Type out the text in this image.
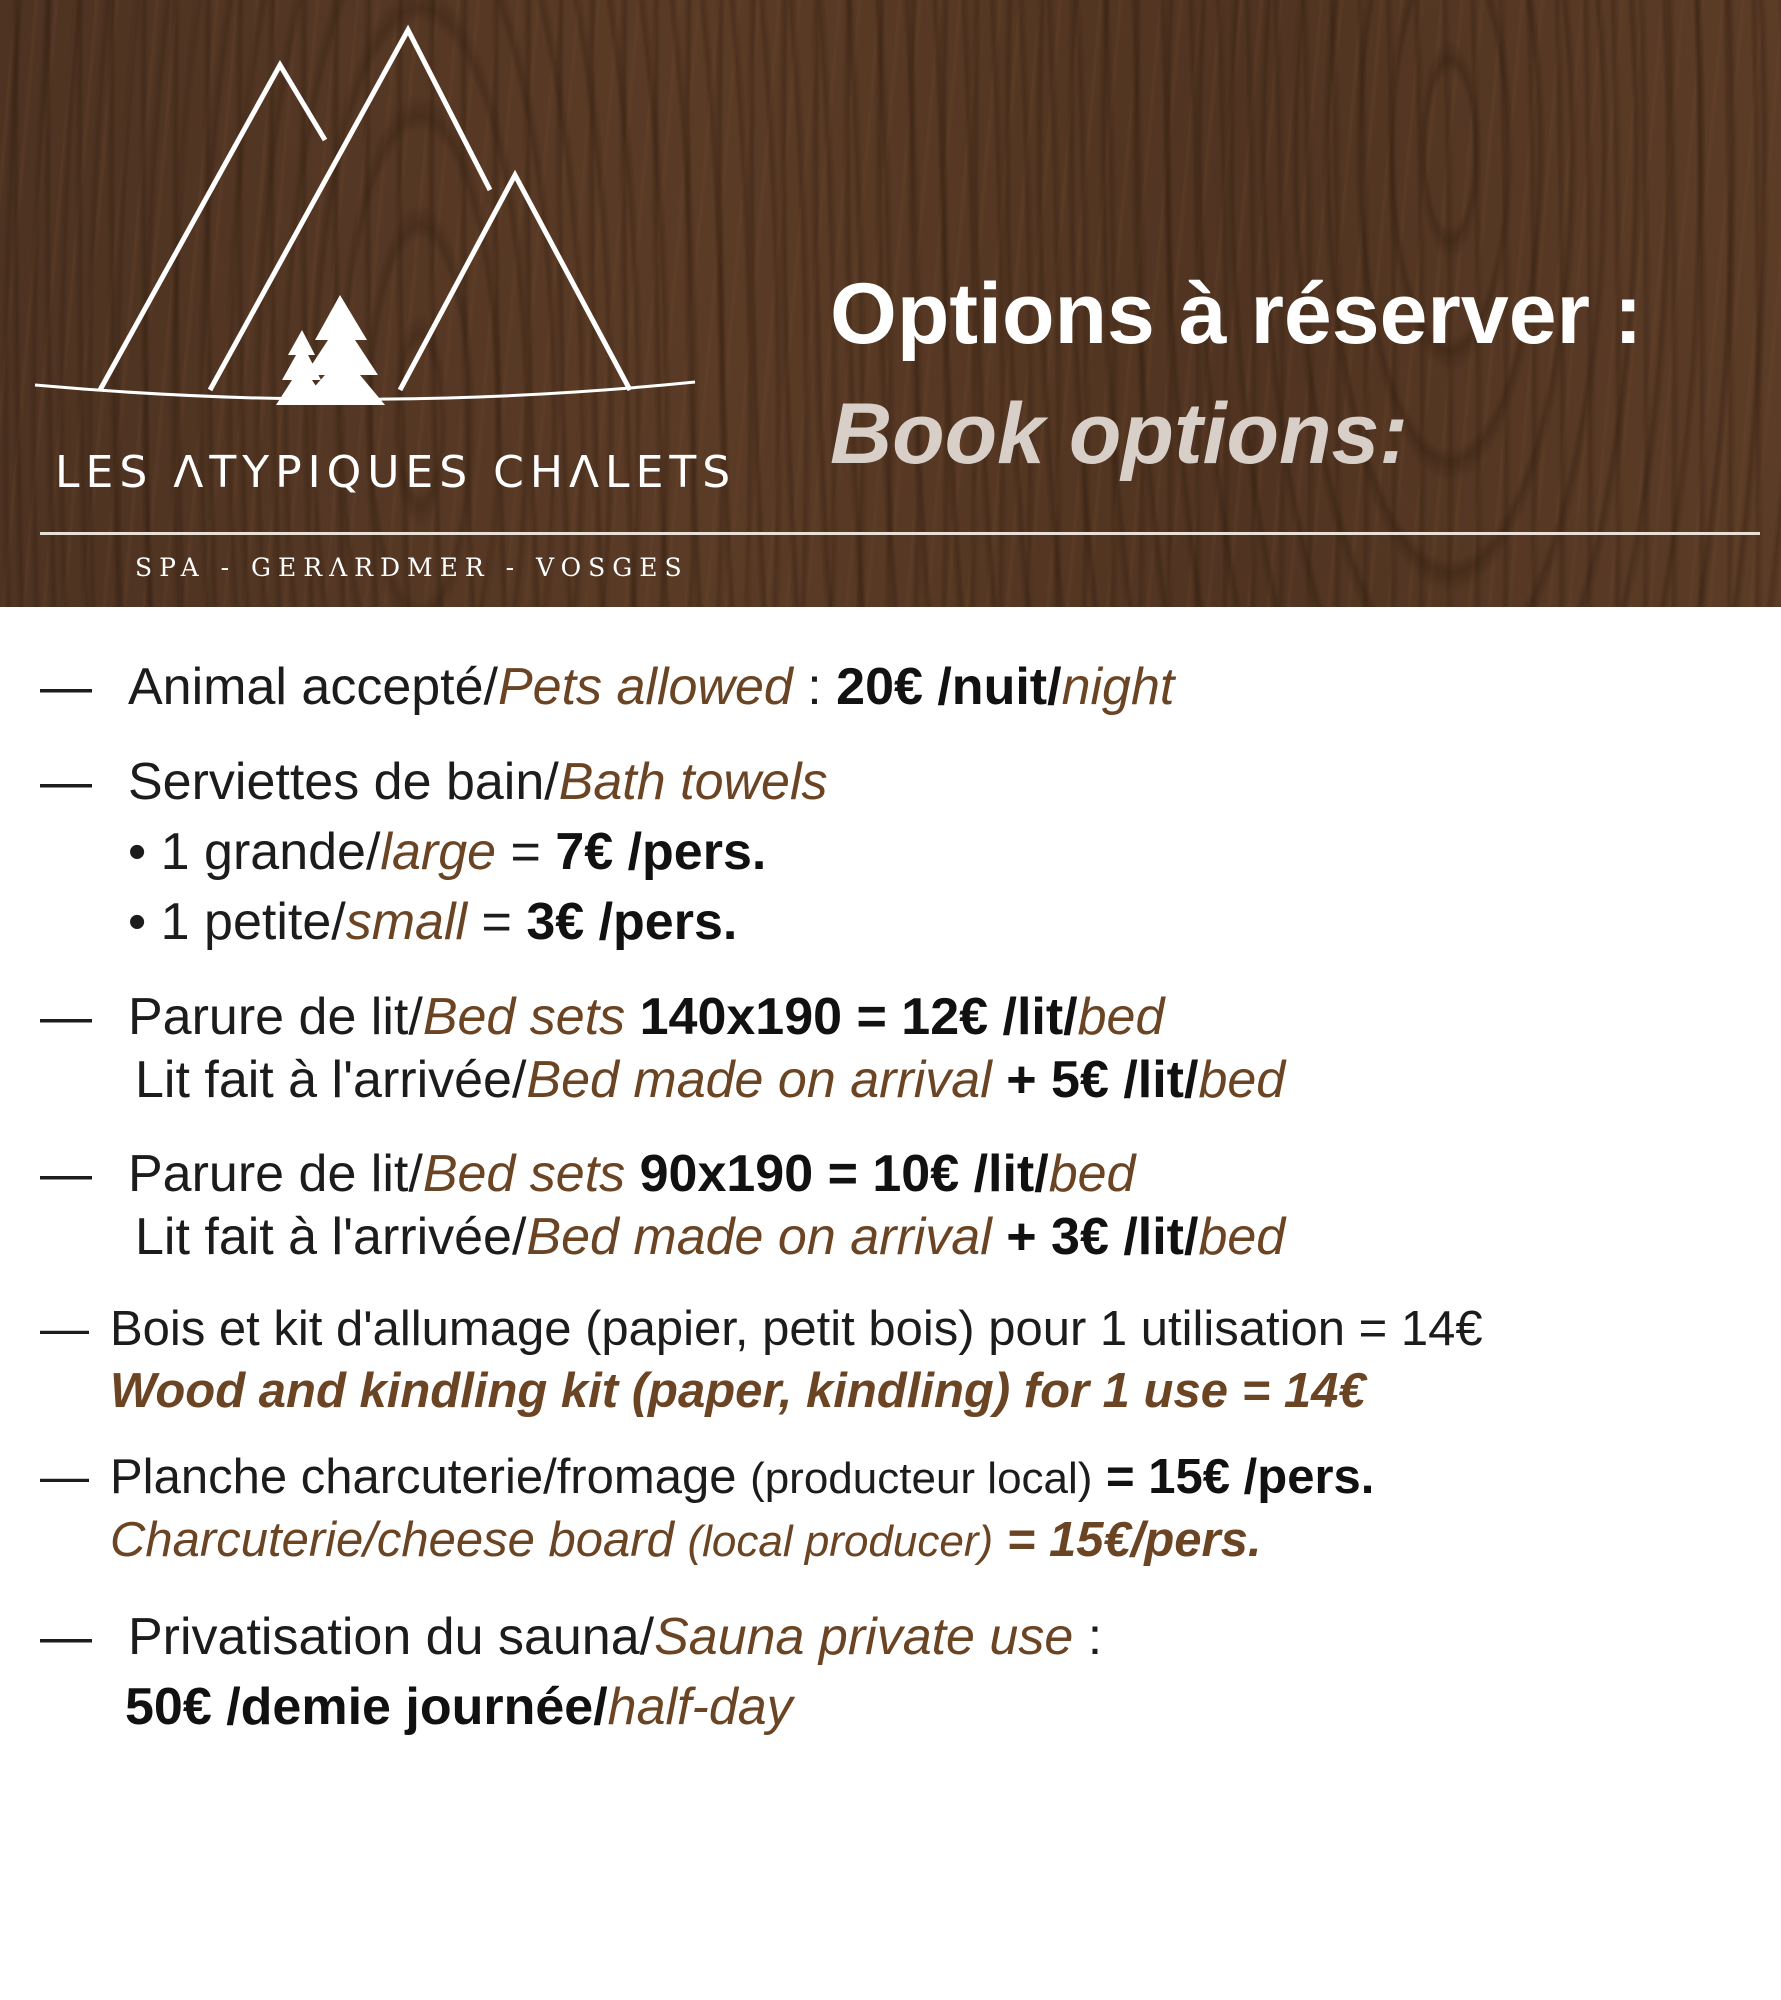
LES ΛTYPIQUES CHΛLETS
SPA - GERΛRDMER - VOSGES
Options à réserver :
Book options:
— Animal accepté/Pets allowed : 20€ /nuit/night
— Serviettes de bain/Bath towels
• 1 grande/large = 7€ /pers.
• 1 petite/small = 3€ /pers.
— Parure de lit/Bed sets 140x190 = 12€ /lit/bed
Lit fait à l'arrivée/Bed made on arrival + 5€ /lit/bed
— Parure de lit/Bed sets 90x190 = 10€ /lit/bed
Lit fait à l'arrivée/Bed made on arrival + 3€ /lit/bed
— Bois et kit d'allumage (papier, petit bois) pour 1 utilisation = 14€
Wood and kindling kit (paper, kindling) for 1 use = 14€
— Planche charcuterie/fromage (producteur local) = 15€ /pers.
Charcuterie/cheese board (local producer) = 15€/pers.
— Privatisation du sauna/Sauna private use :
50€ /demie journée/half-day
